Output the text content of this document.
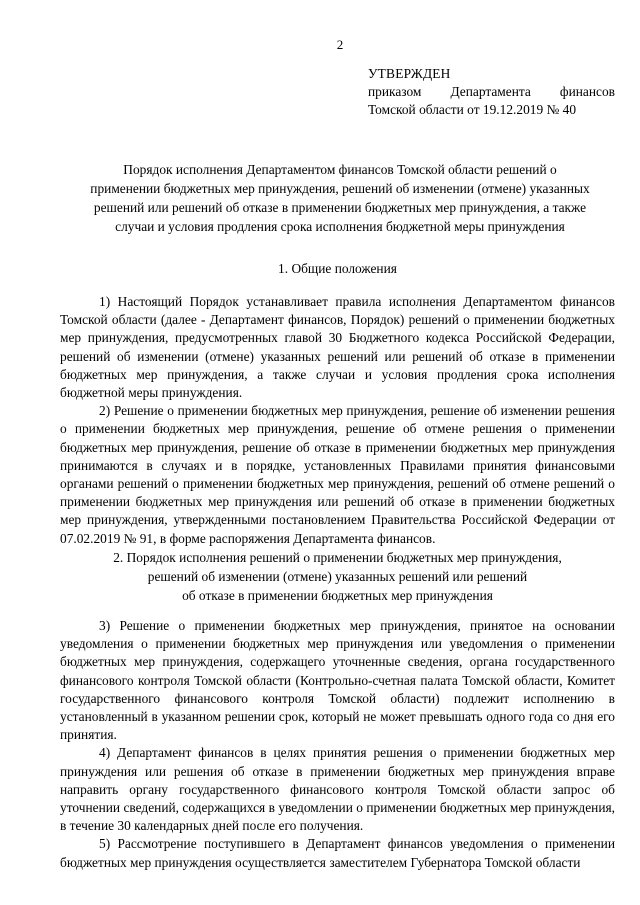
2
УТВЕРЖДЕН
приказом Департамента финансов
Томской области от 19.12.2019 № 40
Порядок исполнения Департаментом финансов Томской области решений о применении бюджетных мер принуждения, решений об изменении (отмене) указанных решений или решений об отказе в применении бюджетных мер принуждения, а также случаи и условия продления срока исполнения бюджетной меры принуждения
1. Общие положения

1) Настоящий Порядок устанавливает правила исполнения Департаментом финансов Томской области (далее - Департамент финансов, Порядок) решений о применении бюджетных мер принуждения, предусмотренных главой 30 Бюджетного кодекса Российской Федерации, решений об изменении (отмене) указанных решений или решений об отказе в применении бюджетных мер принуждения, а также случаи и условия продления срока исполнения бюджетной меры принуждения.

2) Решение о применении бюджетных мер принуждения, решение об изменении решения о применении бюджетных мер принуждения, решение об отмене решения о применении бюджетных мер принуждения, решение об отказе в применении бюджетных мер принуждения принимаются в случаях и в порядке, установленных Правилами принятия финансовыми органами решений о применении бюджетных мер принуждения, решений об отмене решений о применении бюджетных мер принуждения или решений об отказе в применении бюджетных мер принуждения, утвержденными постановлением Правительства Российской Федерации от 07.02.2019 № 91, в форме распоряжения Департамента финансов.

2. Порядок исполнения решений о применении бюджетных мер принуждения,
решений об изменении (отмене) указанных решений или решений
об отказе в применении бюджетных мер принуждения

3) Решение о применении бюджетных мер принуждения, принятое на основании уведомления о применении бюджетных мер принуждения или уведомления о применении бюджетных мер принуждения, содержащего уточненные сведения, органа государственного финансового контроля Томской области (Контрольно-счетная палата Томской области, Комитет государственного финансового контроля Томской области) подлежит исполнению в установленный в указанном решении срок, который не может превышать одного года со дня его принятия.

4) Департамент финансов в целях принятия решения о применении бюджетных мер принуждения или решения об отказе в применении бюджетных мер принуждения вправе направить органу государственного финансового контроля Томской области запрос об уточнении сведений, содержащихся в уведомлении о применении бюджетных мер принуждения, в течение 30 календарных дней после его получения.

5) Рассмотрение поступившего в Департамент финансов уведомления о применении бюджетных мер принуждения осуществляется заместителем Губернатора Томской области
